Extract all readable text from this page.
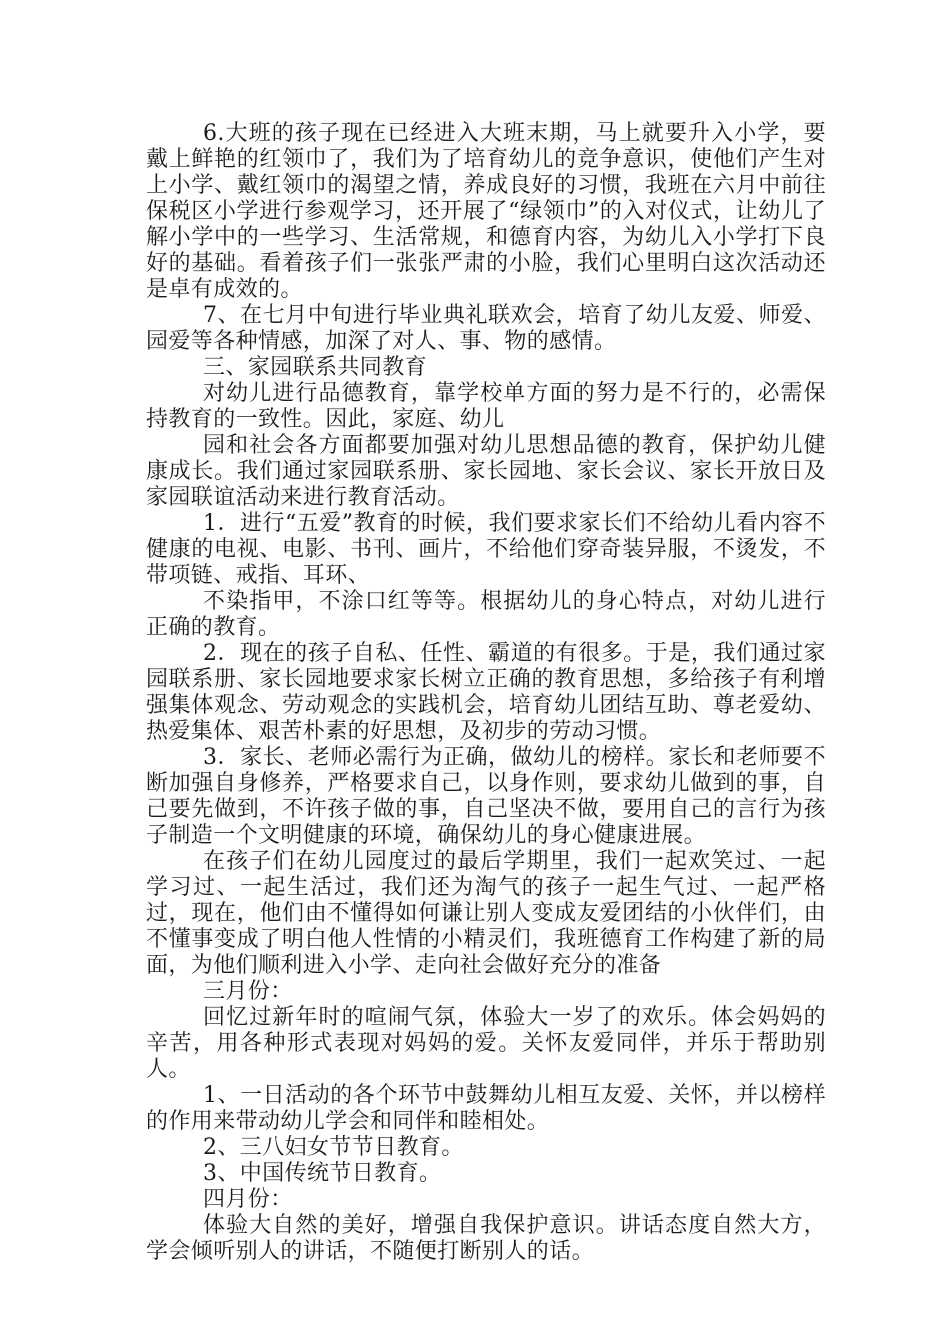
6.大班的孩子现在已经进入大班末期，马上就要升入小学，要戴上鲜艳的红领巾了，我们为了培育幼儿的竞争意识，使他们产生对上小学、戴红领巾的渴望之情，养成良好的习惯，我班在六月中前往保税区小学进行参观学习，还开展了“绿领巾”的入对仪式，让幼儿了解小学中的一些学习、生活常规，和德育内容，为幼儿入小学打下良好的基础。看着孩子们一张张严肃的小脸，我们心里明白这次活动还是卓有成效的。

7、在七月中旬进行毕业典礼联欢会，培育了幼儿友爱、师爱、园爱等各种情感，加深了对人、事、物的感情。

三、家园联系共同教育

对幼儿进行品德教育，靠学校单方面的努力是不行的，必需保持教育的一致性。因此，家庭、幼儿

园和社会各方面都要加强对幼儿思想品德的教育，保护幼儿健康成长。我们通过家园联系册、家长园地、家长会议、家长开放日及家园联谊活动来进行教育活动。

1．进行“五爱”教育的时候，我们要求家长们不给幼儿看内容不健康的电视、电影、书刊、画片，不给他们穿奇装异服，不烫发，不带项链、戒指、耳环、

不染指甲，不涂口红等等。根据幼儿的身心特点，对幼儿进行正确的教育。

2．现在的孩子自私、任性、霸道的有很多。于是，我们通过家园联系册、家长园地要求家长树立正确的教育思想，多给孩子有利增强集体观念、劳动观念的实践机会，培育幼儿团结互助、尊老爱幼、热爱集体、艰苦朴素的好思想，及初步的劳动习惯。

3．家长、老师必需行为正确，做幼儿的榜样。家长和老师要不断加强自身修养，严格要求自己，以身作则，要求幼儿做到的事，自己要先做到，不许孩子做的事，自己坚决不做，要用自己的言行为孩子制造一个文明健康的环境，确保幼儿的身心健康进展。

在孩子们在幼儿园度过的最后学期里，我们一起欢笑过、一起学习过、一起生活过，我们还为淘气的孩子一起生气过、一起严格过，现在，他们由不懂得如何谦让别人变成友爱团结的小伙伴们，由不懂事变成了明白他人性情的小精灵们，我班德育工作构建了新的局面，为他们顺利进入小学、走向社会做好充分的准备

三月份：

回忆过新年时的喧闹气氛，体验大一岁了的欢乐。体会妈妈的辛苦，用各种形式表现对妈妈的爱。关怀友爱同伴，并乐于帮助别人。

1、一日活动的各个环节中鼓舞幼儿相互友爱、关怀，并以榜样的作用来带动幼儿学会和同伴和睦相处。

2、三八妇女节节日教育。

3、中国传统节日教育。

四月份：

体验大自然的美好，增强自我保护意识。讲话态度自然大方，学会倾听别人的讲话，不随便打断别人的话。
